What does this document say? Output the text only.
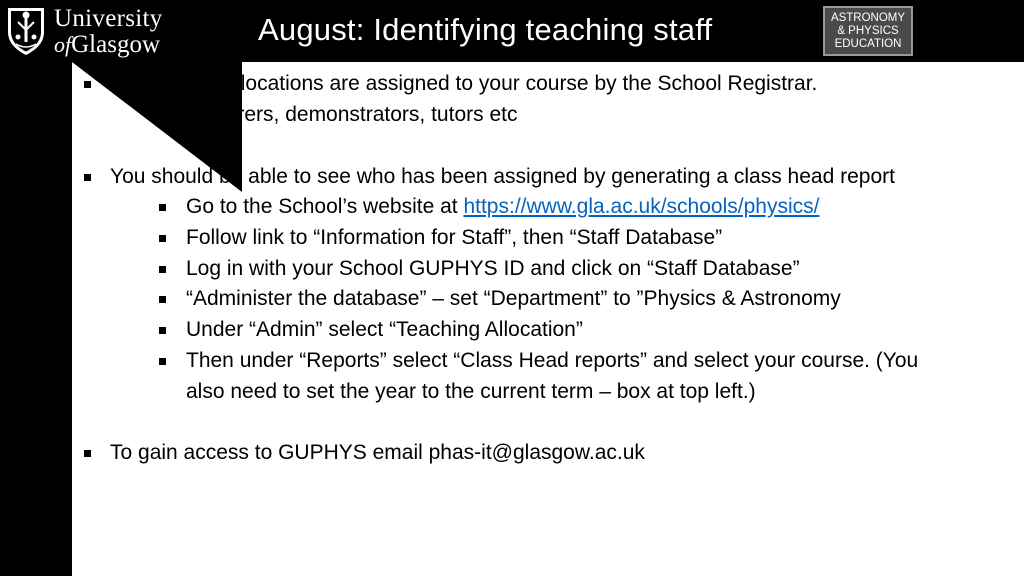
University
ofGlasgow	August: Identifying teaching staff	ASTRONOMY
& PHYSICS
EDUCATION
All teaching allocations are assigned to your course by the School Registrar.
Lecturers, demonstrators, tutors etc
You should be able to see who has been assigned by generating a class head report
Go to the School’s website at https://www.gla.ac.uk/schools/physics/
Follow link to “Information for Staff”, then “Staff Database”
Log in with your School GUPHYS ID and click on “Staff Database”
“Administer the database” – set “Department” to ”Physics & Astronomy
Under “Admin” select “Teaching Allocation”
Then under “Reports” select “Class Head reports” and select your course. (You
also need to set the year to the current term – box at top left.)
To gain access to GUPHYS email phas-it@glasgow.ac.uk
